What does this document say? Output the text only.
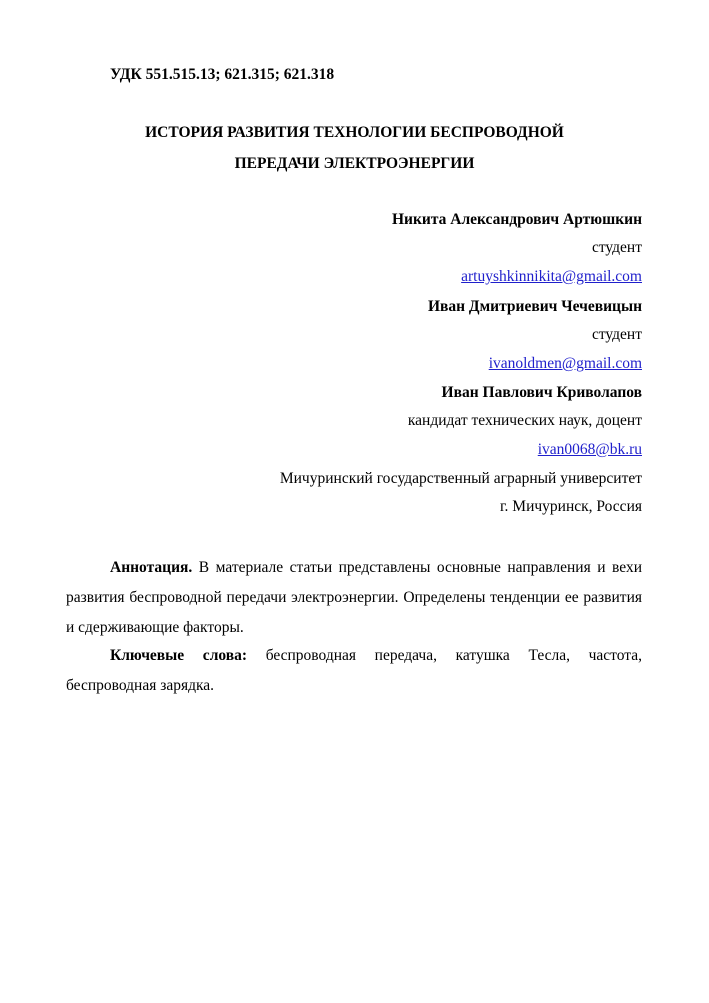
УДК 551.515.13; 621.315; 621.318
ИСТОРИЯ РАЗВИТИЯ ТЕХНОЛОГИИ БЕСПРОВОДНОЙ
ПЕРЕДАЧИ ЭЛЕКТРОЭНЕРГИИ
Никита Александрович Артюшкин
студент
artuyshkinnikita@gmail.com
Иван Дмитриевич Чечевицын
студент
ivanoldmen@gmail.com
Иван Павлович Криволапов
кандидат технических наук, доцент
ivan0068@bk.ru
Мичуринский государственный аграрный университет
г. Мичуринск, Россия
Аннотация. В материале статьи представлены основные направления и вехи развития беспроводной передачи электроэнергии. Определены тенденции ее развития и сдерживающие факторы.
Ключевые слова: беспроводная передача, катушка Тесла, частота, беспроводная зарядка.
